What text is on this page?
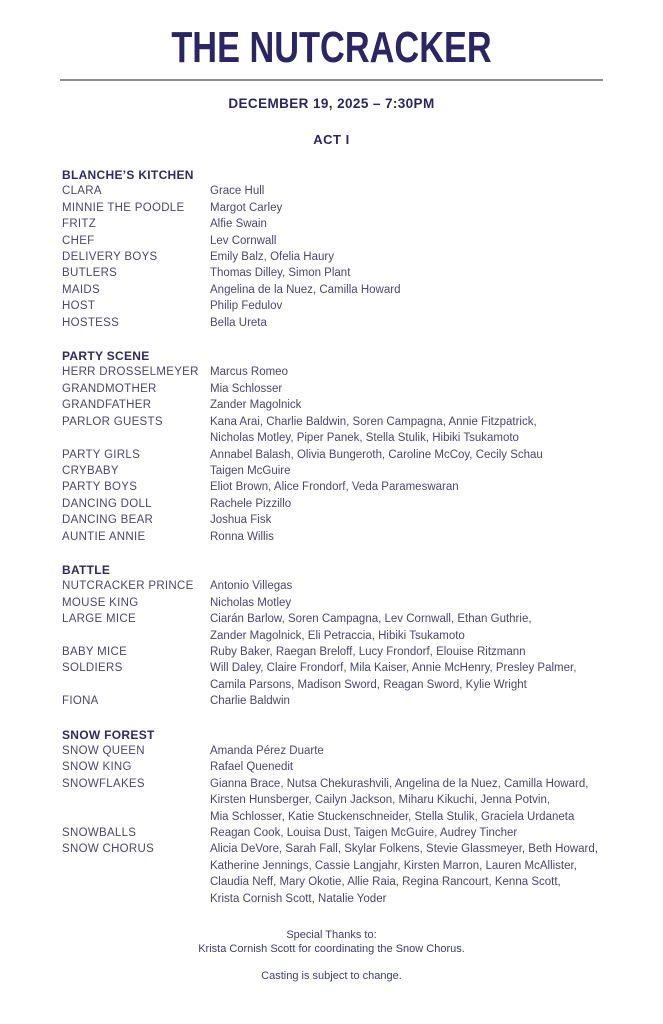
THE NUTCRACKER
DECEMBER 19, 2025 – 7:30PM
ACT I
BLANCHE’S KITCHEN
CLARA	Grace Hull
MINNIE THE POODLE	Margot Carley
FRITZ	Alfie Swain
CHEF	Lev Cornwall
DELIVERY BOYS	Emily Balz, Ofelia Haury
BUTLERS	Thomas Dilley, Simon Plant
MAIDS	Angelina de la Nuez, Camilla Howard
HOST	Philip Fedulov
HOSTESS	Bella Ureta
PARTY SCENE
HERR DROSSELMEYER Marcus Romeo
GRANDMOTHER	Mia Schlosser
GRANDFATHER	Zander Magolnick
PARLOR GUESTS	Kana Arai, Charlie Baldwin, Soren Campagna, Annie Fitzpatrick,
Nicholas Motley, Piper Panek, Stella Stulik, Hibiki Tsukamoto
PARTY GIRLS	Annabel Balash, Olivia Bungeroth, Caroline McCoy, Cecily Schau
CRYBABY	Taigen McGuire
PARTY BOYS	Eliot Brown, Alice Frondorf, Veda Parameswaran
DANCING DOLL	Rachele Pizzillo
DANCING BEAR	Joshua Fisk
AUNTIE ANNIE	Ronna Willis
BATTLE
NUTCRACKER PRINCE	Antonio Villegas
MOUSE KING	Nicholas Motley
LARGE MICE	Ciarán Barlow, Soren Campagna, Lev Cornwall, Ethan Guthrie,
Zander Magolnick, Eli Petraccia, Hibiki Tsukamoto
BABY MICE	Ruby Baker, Raegan Breloff, Lucy Frondorf, Elouise Ritzmann
SOLDIERS	Will Daley, Claire Frondorf, Mila Kaiser, Annie McHenry, Presley Palmer,
Camila Parsons, Madison Sword, Reagan Sword, Kylie Wright
FIONA	Charlie Baldwin
SNOW FOREST
SNOW QUEEN	Amanda Pérez Duarte
SNOW KING	Rafael Quenedit
SNOWFLAKES	Gianna Brace, Nutsa Chekurashvili, Angelina de la Nuez, Camilla Howard,
Kirsten Hunsberger, Cailyn Jackson, Miharu Kikuchi, Jenna Potvin,
Mia Schlosser, Katie Stuckenschneider, Stella Stulik, Graciela Urdaneta
SNOWBALLS	Reagan Cook, Louisa Dust, Taigen McGuire, Audrey Tincher
SNOW CHORUS	Alicia DeVore, Sarah Fall, Skylar Folkens, Stevie Glassmeyer, Beth Howard,
Katherine Jennings, Cassie Langjahr, Kirsten Marron, Lauren McAllister,
Claudia Neff, Mary Okotie, Allie Raia, Regina Rancourt, Kenna Scott,
Krista Cornish Scott, Natalie Yoder
Special Thanks to:
Krista Cornish Scott for coordinating the Snow Chorus.
Casting is subject to change.
